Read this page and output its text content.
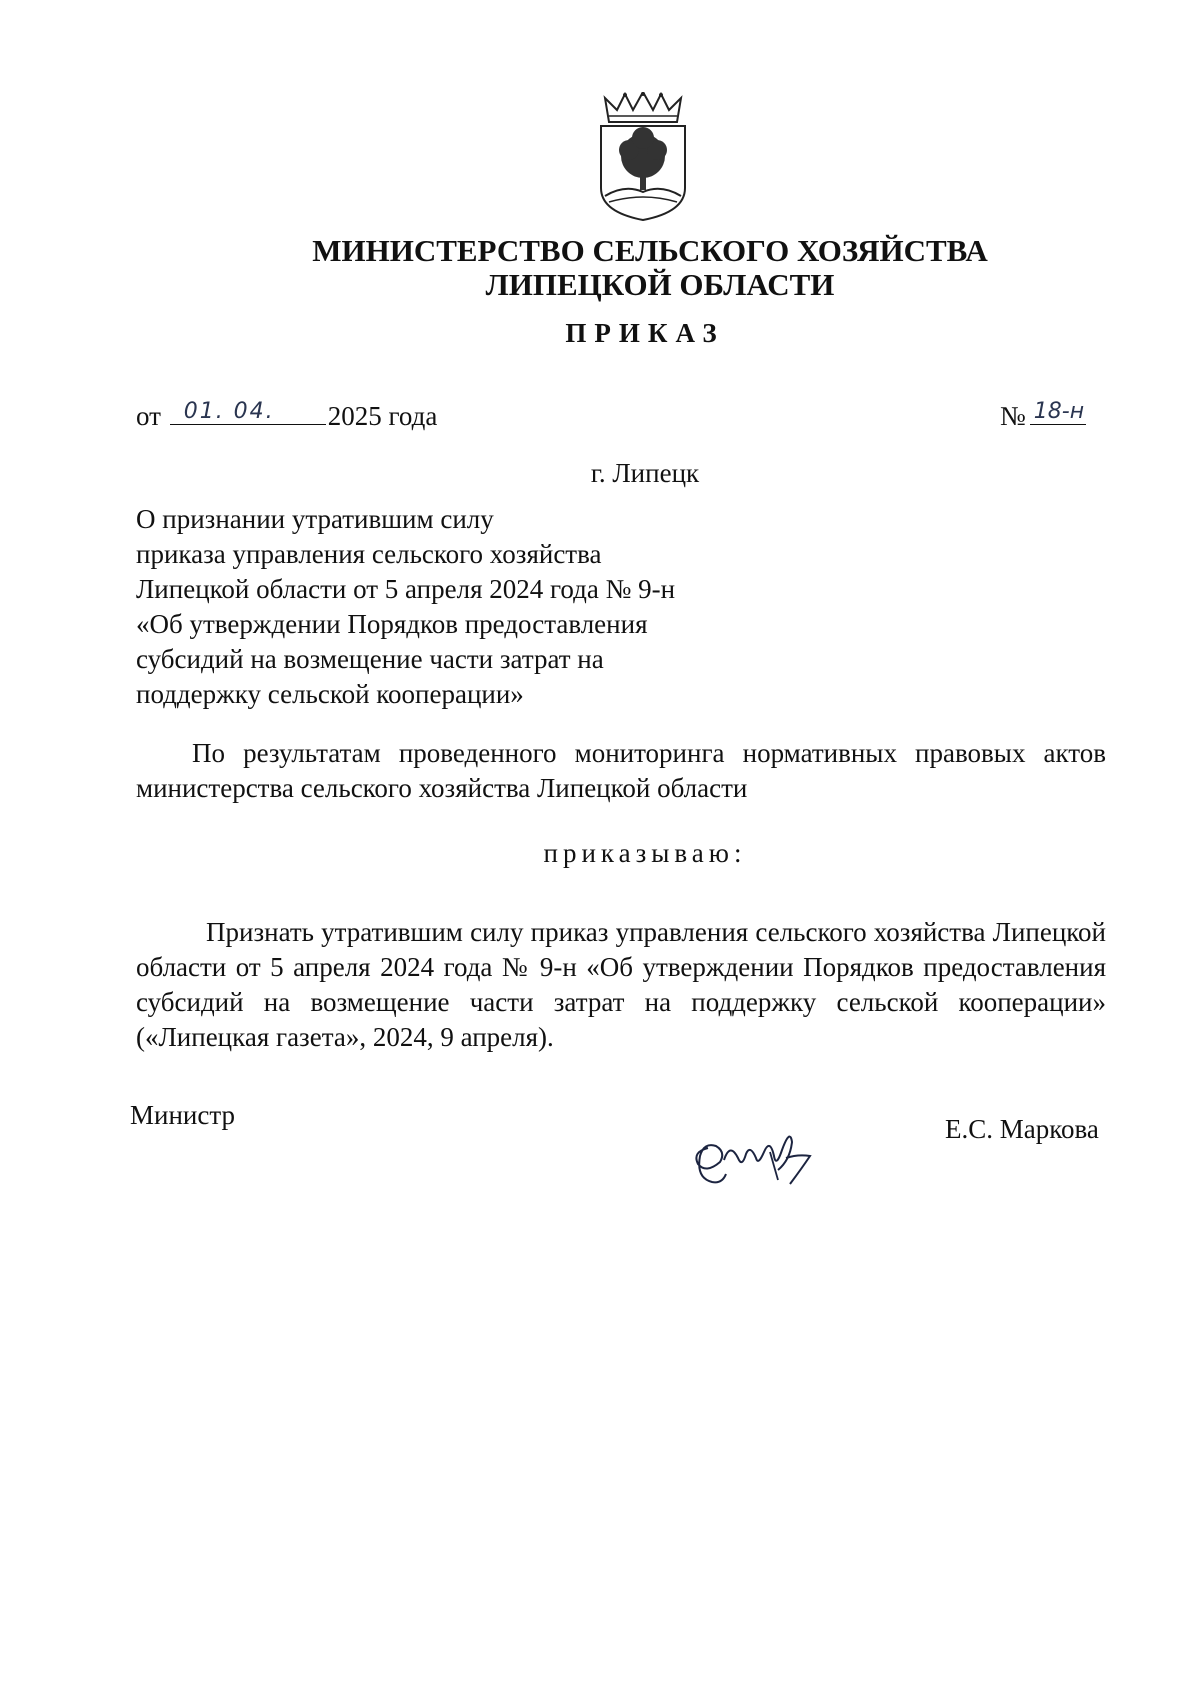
МИНИСТЕРСТВО СЕЛЬСКОГО ХОЗЯЙСТВА
ЛИПЕЦКОЙ ОБЛАСТИ
ПРИКАЗ
от 01. 04. 2025 года	№ 18-н
г. Липецк
О признании утратившим силу
приказа управления сельского хозяйства
Липецкой области от 5 апреля 2024 года № 9-н
«Об утверждении Порядков предоставления
субсидий на возмещение части затрат на
поддержку сельской кооперации»
По результатам проведенного мониторинга нормативных правовых актов министерства сельского хозяйства Липецкой области
приказываю:
Признать утратившим силу приказ управления сельского хозяйства Липецкой области от 5 апреля 2024 года № 9-н «Об утверждении Порядков предоставления субсидий на возмещение части затрат на поддержку сельской кооперации» («Липецкая газета», 2024, 9 апреля).
Министр	Е.С. Маркова
